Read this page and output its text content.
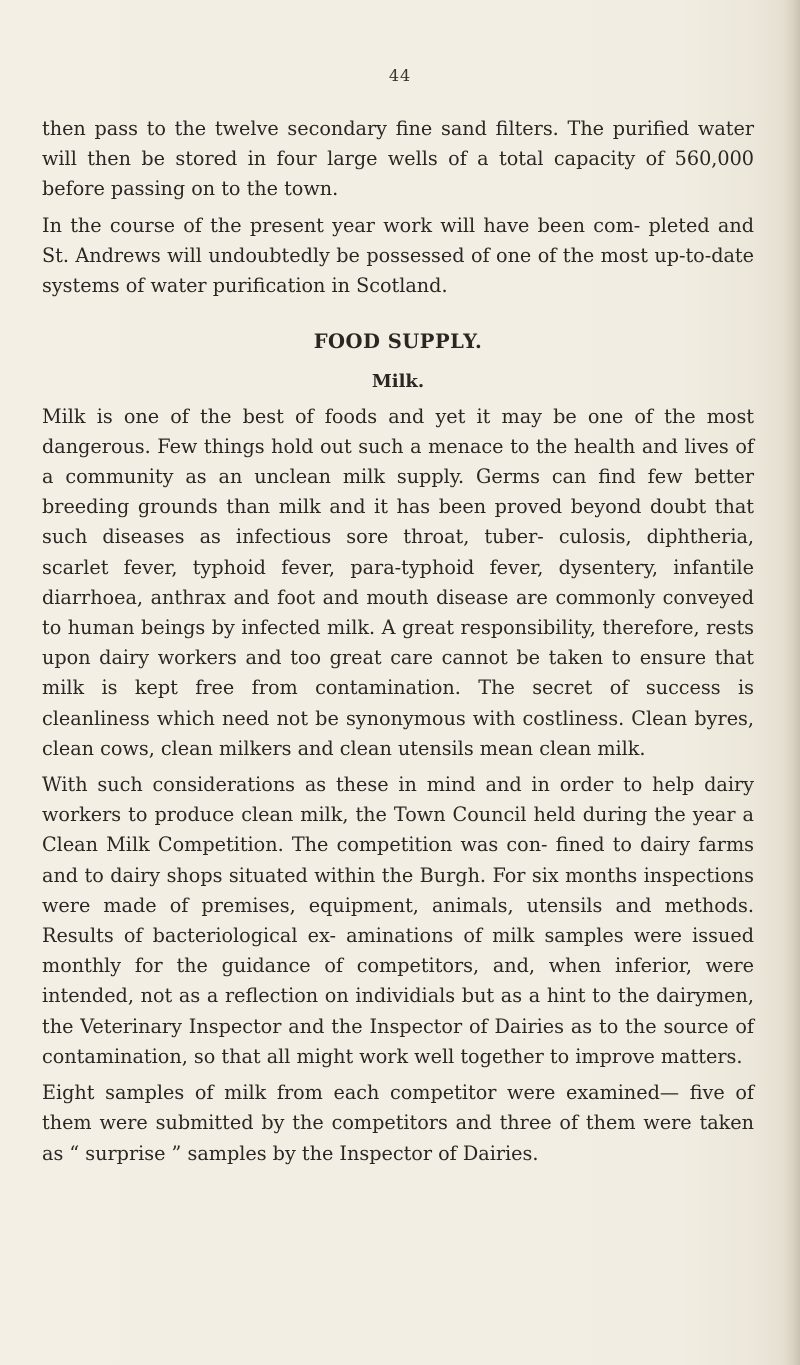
44

then pass to the twelve secondary fine sand filters. The purified water will then be stored in four large wells of a total capacity of 560,000 before passing on to the town.

In the course of the present year work will have been com- pleted and St. Andrews will undoubtedly be possessed of one of the most up-to-date systems of water purification in Scotland.

FOOD SUPPLY.

Milk.

Milk is one of the best of foods and yet it may be one of the most dangerous. Few things hold out such a menace to the health and lives of a community as an unclean milk supply. Germs can find few better breeding grounds than milk and it has been proved beyond doubt that such diseases as infectious sore throat, tuber- culosis, diphtheria, scarlet fever, typhoid fever, para-typhoid fever, dysentery, infantile diarrhoea, anthrax and foot and mouth disease are commonly conveyed to human beings by infected milk. A great responsibility, therefore, rests upon dairy workers and too great care cannot be taken to ensure that milk is kept free from contamination. The secret of success is cleanliness which need not be synonymous with costliness. Clean byres, clean cows, clean milkers and clean utensils mean clean milk.

With such considerations as these in mind and in order to help dairy workers to produce clean milk, the Town Council held during the year a Clean Milk Competition. The competition was con- fined to dairy farms and to dairy shops situated within the Burgh. For six months inspections were made of premises, equipment, animals, utensils and methods. Results of bacteriological ex- aminations of milk samples were issued monthly for the guidance of competitors, and, when inferior, were intended, not as a reflection on individials but as a hint to the dairymen, the Veterinary Inspector and the Inspector of Dairies as to the source of contamination, so that all might work well together to improve matters.

Eight samples of milk from each competitor were examined— five of them were submitted by the competitors and three of them were taken as “ surprise ” samples by the Inspector of Dairies.
